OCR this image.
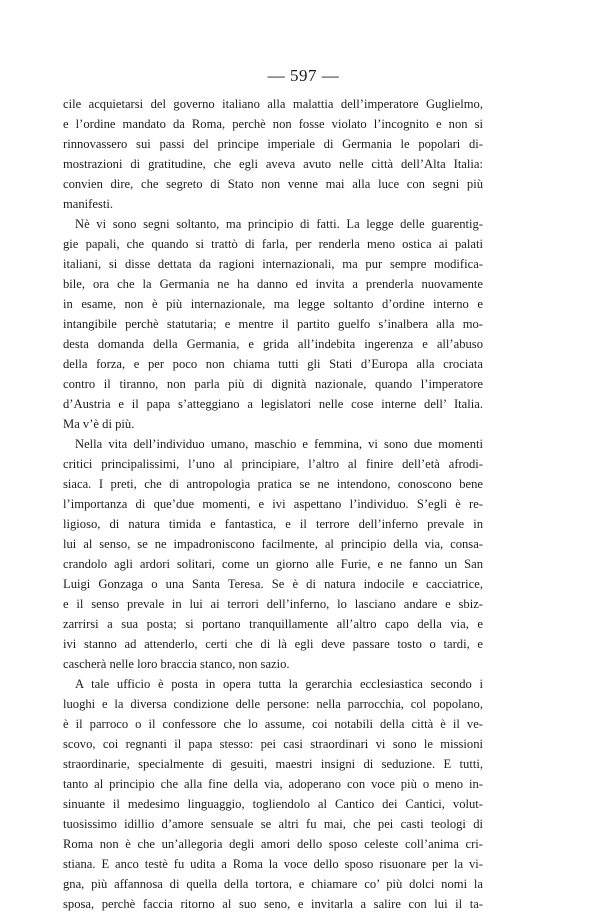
— 597 —
cile acquietarsi del governo italiano alla malattia dell’imperatore Guglielmo,
e l’ordine mandato da Roma, perchè non fosse violato l’incognito e non si
rinnovassero sui passi del principe imperiale di Germania le popolari di-
mostrazioni di gratitudine, che egli aveva avuto nelle città dell’Alta Italia:
convien dire, che segreto di Stato non venne mai alla luce con segni più
manifesti.
Nè vi sono segni soltanto, ma principio di fatti. La legge delle guarentig-
gie papali, che quando si trattò di farla, per renderla meno ostica ai palati
italiani, si disse dettata da ragioni internazionali, ma pur sempre modifica-
bile, ora che la Germania ne ha danno ed invita a prenderla nuovamente
in esame, non è più internazionale, ma legge soltanto d’ordine interno e
intangibile perchè statutaria; e mentre il partito guelfo s’inalbera alla mo-
desta domanda della Germania, e grida all’indebita ingerenza e all’abuso
della forza, e per poco non chiama tutti gli Stati d’Europa alla crociata
contro il tiranno, non parla più di dignità nazionale, quando l’imperatore
d’Austria e il papa s’atteggiano a legislatori nelle cose interne dell’ Italia.
Ma v’è di più.
Nella vita dell’individuo umano, maschio e femmina, vi sono due momenti
critici principalissimi, l’uno al principiare, l’altro al finire dell’età afrodi-
siaca. I preti, che di antropologia pratica se ne intendono, conoscono bene
l’importanza di que’due momenti, e ivi aspettano l’individuo. S’egli è re-
ligioso, di natura timida e fantastica, e il terrore dell’inferno prevale in
lui al senso, se ne impadroniscono facilmente, al principio della via, consa-
crandolo agli ardori solitari, come un giorno alle Furie, e ne fanno un San
Luigi Gonzaga o una Santa Teresa. Se è di natura indocile e cacciatrice,
e il senso prevale in lui ai terrori dell’inferno, lo lasciano andare e sbiz-
zarrirsi a sua posta; si portano tranquillamente all’altro capo della via, e
ivi stanno ad attenderlo, certi che di là egli deve passare tosto o tardi, e
cascherà nelle loro braccia stanco, non sazio.
A tale ufficio è posta in opera tutta la gerarchia ecclesiastica secondo i
luoghi e la diversa condizione delle persone: nella parrocchia, col popolano,
è il parroco o il confessore che lo assume, coi notabili della città è il ve-
scovo, coi regnanti il papa stesso: pei casi straordinari vi sono le missioni
straordinarie, specialmente di gesuiti, maestri insigni di seduzione. E tutti,
tanto al principio che alla fine della via, adoperano con voce più o meno in-
sinuante il medesimo linguaggio, togliendolo al Cantico dei Cantici, volut-
tuosissimo idillio d’amore sensuale se altri fu mai, che pei casti teologi di
Roma non è che un’allegoria degli amori dello sposo celeste coll’anima cri-
stiana. E anco testè fu udita a Roma la voce dello sposo risuonare per la vi-
gna, più affannosa di quella della tortora, e chiamare co’ più dolci nomi la
sposa, perchè faccia ritorno al suo seno, e invitarla a salire con lui il ta-
